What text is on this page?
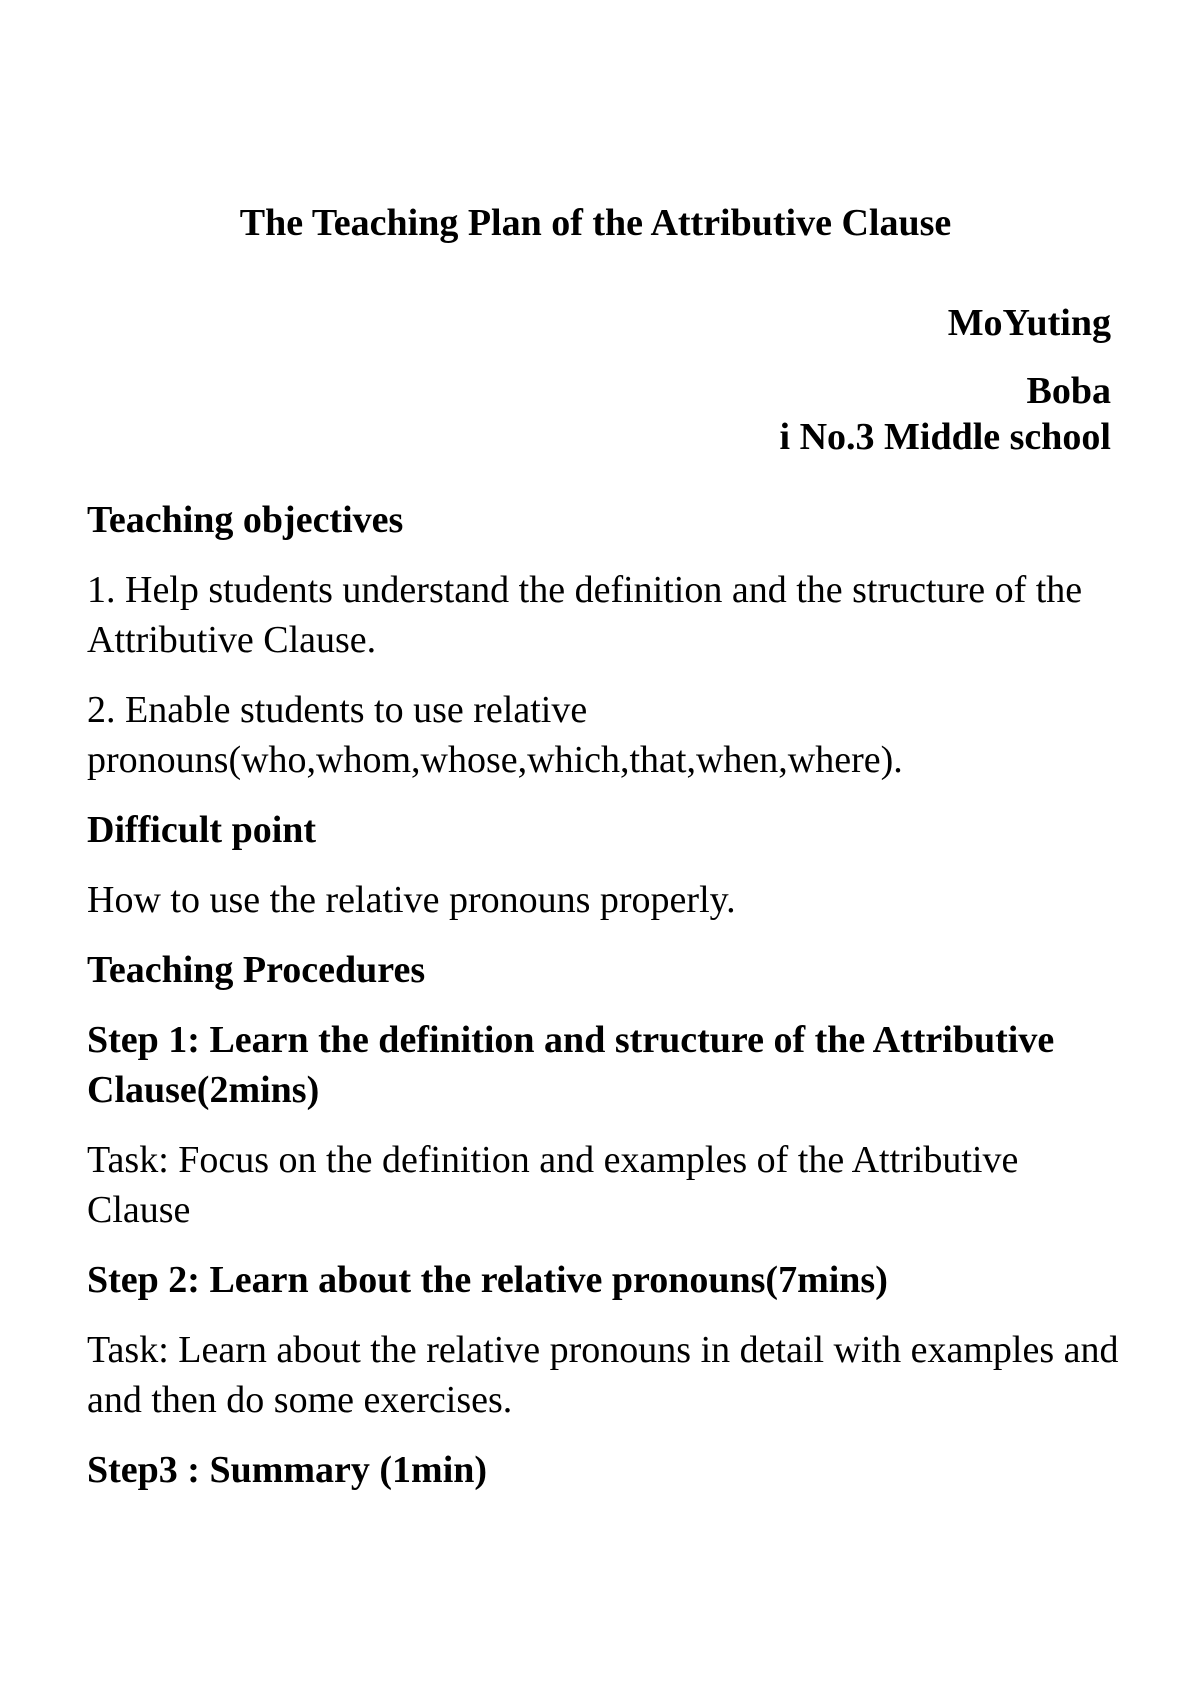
The Teaching Plan of the Attributive Clause
MoYuting
Boba
i No.3 Middle school

Teaching objectives

1. Help students understand the definition and the structure of the Attributive Clause.

2. Enable students to use relative pronouns(who,whom,whose,which,that,when,where).

Difficult point

How to use the relative pronouns properly.

Teaching Procedures

Step 1: Learn the definition and structure of the Attributive Clause(2mins)

Task: Focus on the definition and examples of the Attributive Clause

Step 2: Learn about the relative pronouns(7mins)

Task: Learn about the relative pronouns in detail with examples and and then do some exercises.

Step3 : Summary (1min)
